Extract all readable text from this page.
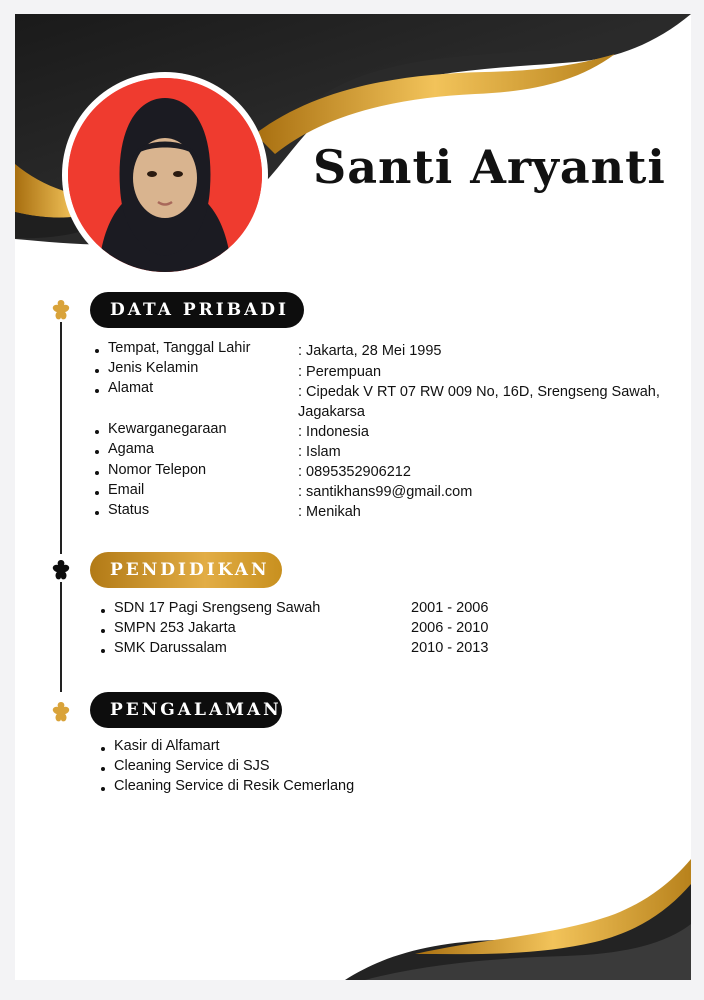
Santi Aryanti
DATA PRIBADI
PENDIDIKAN
PENGALAMAN
Tempat, Tanggal Lahir	: Jakarta, 28 Mei 1995
Jenis Kelamin	: Perempuan
Alamat	: Cipedak V RT 07 RW 009 No, 16D, Srengseng Sawah,
Jagakarsa
Kewarganegaraan	: Indonesia
Agama	: Islam
Nomor Telepon	: 0895352906212
Email	: santikhans99@gmail.com
Status	: Menikah
SDN 17 Pagi Srengseng Sawah	2001 - 2006
SMPN 253 Jakarta	2006 - 2010
SMK Darussalam	2010 - 2013
Kasir di Alfamart
Cleaning Service di SJS
Cleaning Service di Resik Cemerlang
